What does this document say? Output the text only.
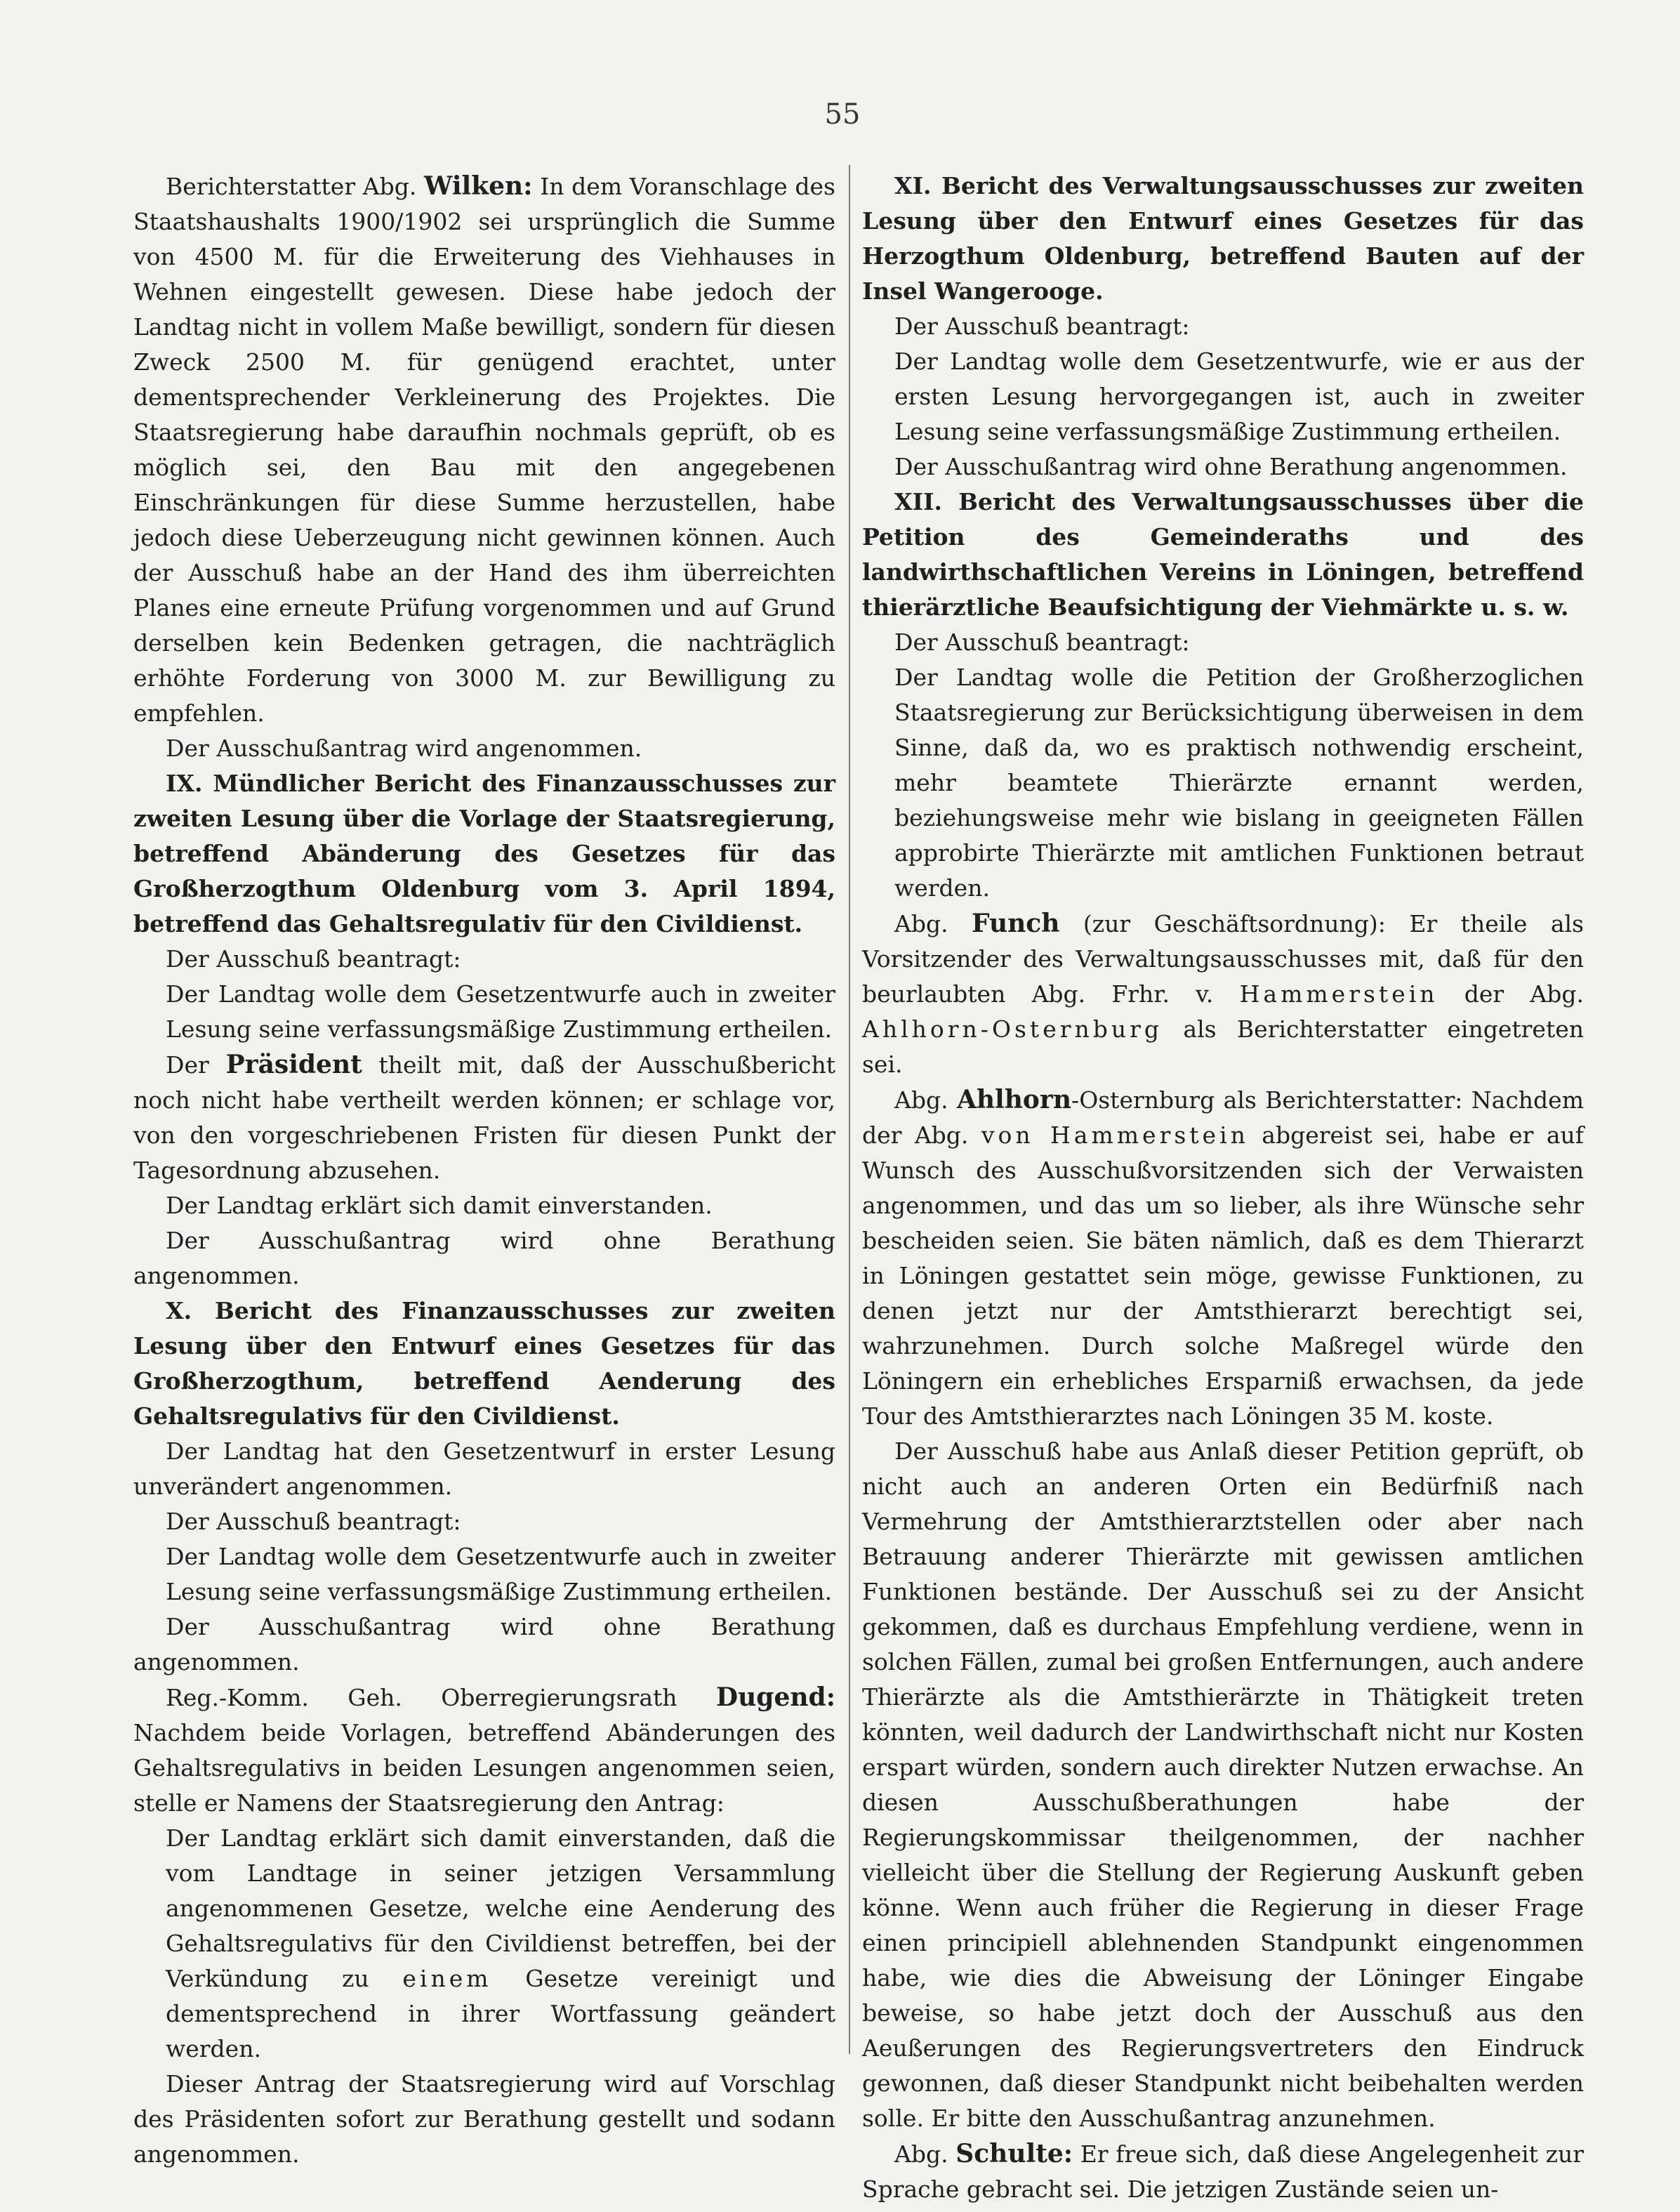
55

Berichterstatter Abg. Wilken: In dem Voranschlage des Staatshaushalts 1900/1902 sei ursprünglich die Summe von 4500 M. für die Erweiterung des Viehhauses in Wehnen eingestellt gewesen. Diese habe jedoch der Landtag nicht in vollem Maße bewilligt, sondern für diesen Zweck 2500 M. für genügend erachtet, unter dementsprechender Verkleinerung des Projektes. Die Staatsregierung habe daraufhin nochmals geprüft, ob es möglich sei, den Bau mit den angegebenen Einschränkungen für diese Summe herzustellen, habe jedoch diese Ueberzeugung nicht gewinnen können. Auch der Ausschuß habe an der Hand des ihm überreichten Planes eine erneute Prüfung vorgenommen und auf Grund derselben kein Bedenken getragen, die nachträglich erhöhte Forderung von 3000 M. zur Bewilligung zu empfehlen.

Der Ausschußantrag wird angenommen.

IX. Mündlicher Bericht des Finanzausschusses zur zweiten Lesung über die Vorlage der Staatsregierung, betreffend Abänderung des Gesetzes für das Großherzogthum Oldenburg vom 3. April 1894, betreffend das Gehaltsregulativ für den Civildienst.

Der Ausschuß beantragt:

Der Landtag wolle dem Gesetzentwurfe auch in zweiter Lesung seine verfassungsmäßige Zustimmung ertheilen.

Der Präsident theilt mit, daß der Ausschußbericht noch nicht habe vertheilt werden können; er schlage vor, von den vorgeschriebenen Fristen für diesen Punkt der Tagesordnung abzusehen.

Der Landtag erklärt sich damit einverstanden.

Der Ausschußantrag wird ohne Berathung angenommen.

X. Bericht des Finanzausschusses zur zweiten Lesung über den Entwurf eines Gesetzes für das Großherzogthum, betreffend Aenderung des Gehaltsregulativs für den Civildienst.

Der Landtag hat den Gesetzentwurf in erster Lesung unverändert angenommen.

Der Ausschuß beantragt:

Der Landtag wolle dem Gesetzentwurfe auch in zweiter Lesung seine verfassungsmäßige Zustimmung ertheilen.

Der Ausschußantrag wird ohne Berathung angenommen.

Reg.-Komm. Geh. Oberregierungsrath Dugend: Nachdem beide Vorlagen, betreffend Abänderungen des Gehaltsregulativs in beiden Lesungen angenommen seien, stelle er Namens der Staatsregierung den Antrag:

Der Landtag erklärt sich damit einverstanden, daß die vom Landtage in seiner jetzigen Versammlung angenommenen Gesetze, welche eine Aenderung des Gehaltsregulativs für den Civildienst betreffen, bei der Verkündung zu einem Gesetze vereinigt und dementsprechend in ihrer Wortfassung geändert werden.

Dieser Antrag der Staatsregierung wird auf Vorschlag des Präsidenten sofort zur Berathung gestellt und sodann angenommen.

XI. Bericht des Verwaltungsausschusses zur zweiten Lesung über den Entwurf eines Gesetzes für das Herzogthum Oldenburg, betreffend Bauten auf der Insel Wangerooge.

Der Ausschuß beantragt:

Der Landtag wolle dem Gesetzentwurfe, wie er aus der ersten Lesung hervorgegangen ist, auch in zweiter Lesung seine verfassungsmäßige Zustimmung ertheilen.

Der Ausschußantrag wird ohne Berathung angenommen.

XII. Bericht des Verwaltungsausschusses über die Petition des Gemeinderaths und des landwirthschaftlichen Vereins in Löningen, betreffend thierärztliche Beaufsichtigung der Viehmärkte u. s. w.

Der Ausschuß beantragt:

Der Landtag wolle die Petition der Großherzoglichen Staatsregierung zur Berücksichtigung überweisen in dem Sinne, daß da, wo es praktisch nothwendig erscheint, mehr beamtete Thierärzte ernannt werden, beziehungsweise mehr wie bislang in geeigneten Fällen approbirte Thierärzte mit amtlichen Funktionen betraut werden.

Abg. Funch (zur Geschäftsordnung): Er theile als Vorsitzender des Verwaltungsausschusses mit, daß für den beurlaubten Abg. Frhr. v. Hammerstein der Abg. Ahlhorn-Osternburg als Berichterstatter eingetreten sei.

Abg. Ahlhorn-Osternburg als Berichterstatter: Nachdem der Abg. von Hammerstein abgereist sei, habe er auf Wunsch des Ausschußvorsitzenden sich der Verwaisten angenommen, und das um so lieber, als ihre Wünsche sehr bescheiden seien. Sie bäten nämlich, daß es dem Thierarzt in Löningen gestattet sein möge, gewisse Funktionen, zu denen jetzt nur der Amtsthierarzt berechtigt sei, wahrzunehmen. Durch solche Maßregel würde den Löningern ein erhebliches Ersparniß erwachsen, da jede Tour des Amtsthierarztes nach Löningen 35 M. koste.

Der Ausschuß habe aus Anlaß dieser Petition geprüft, ob nicht auch an anderen Orten ein Bedürfniß nach Vermehrung der Amtsthierarztstellen oder aber nach Betrauung anderer Thierärzte mit gewissen amtlichen Funktionen bestände. Der Ausschuß sei zu der Ansicht gekommen, daß es durchaus Empfehlung verdiene, wenn in solchen Fällen, zumal bei großen Entfernungen, auch andere Thierärzte als die Amtsthierärzte in Thätigkeit treten könnten, weil dadurch der Landwirthschaft nicht nur Kosten erspart würden, sondern auch direkter Nutzen erwachse. An diesen Ausschußberathungen habe der Regierungskommissar theilgenommen, der nachher vielleicht über die Stellung der Regierung Auskunft geben könne. Wenn auch früher die Regierung in dieser Frage einen principiell ablehnenden Standpunkt eingenommen habe, wie dies die Abweisung der Löninger Eingabe beweise, so habe jetzt doch der Ausschuß aus den Aeußerungen des Regierungsvertreters den Eindruck gewonnen, daß dieser Standpunkt nicht beibehalten werden solle. Er bitte den Ausschußantrag anzunehmen.

Abg. Schulte: Er freue sich, daß diese Angelegenheit zur Sprache gebracht sei. Die jetzigen Zustände seien un-
